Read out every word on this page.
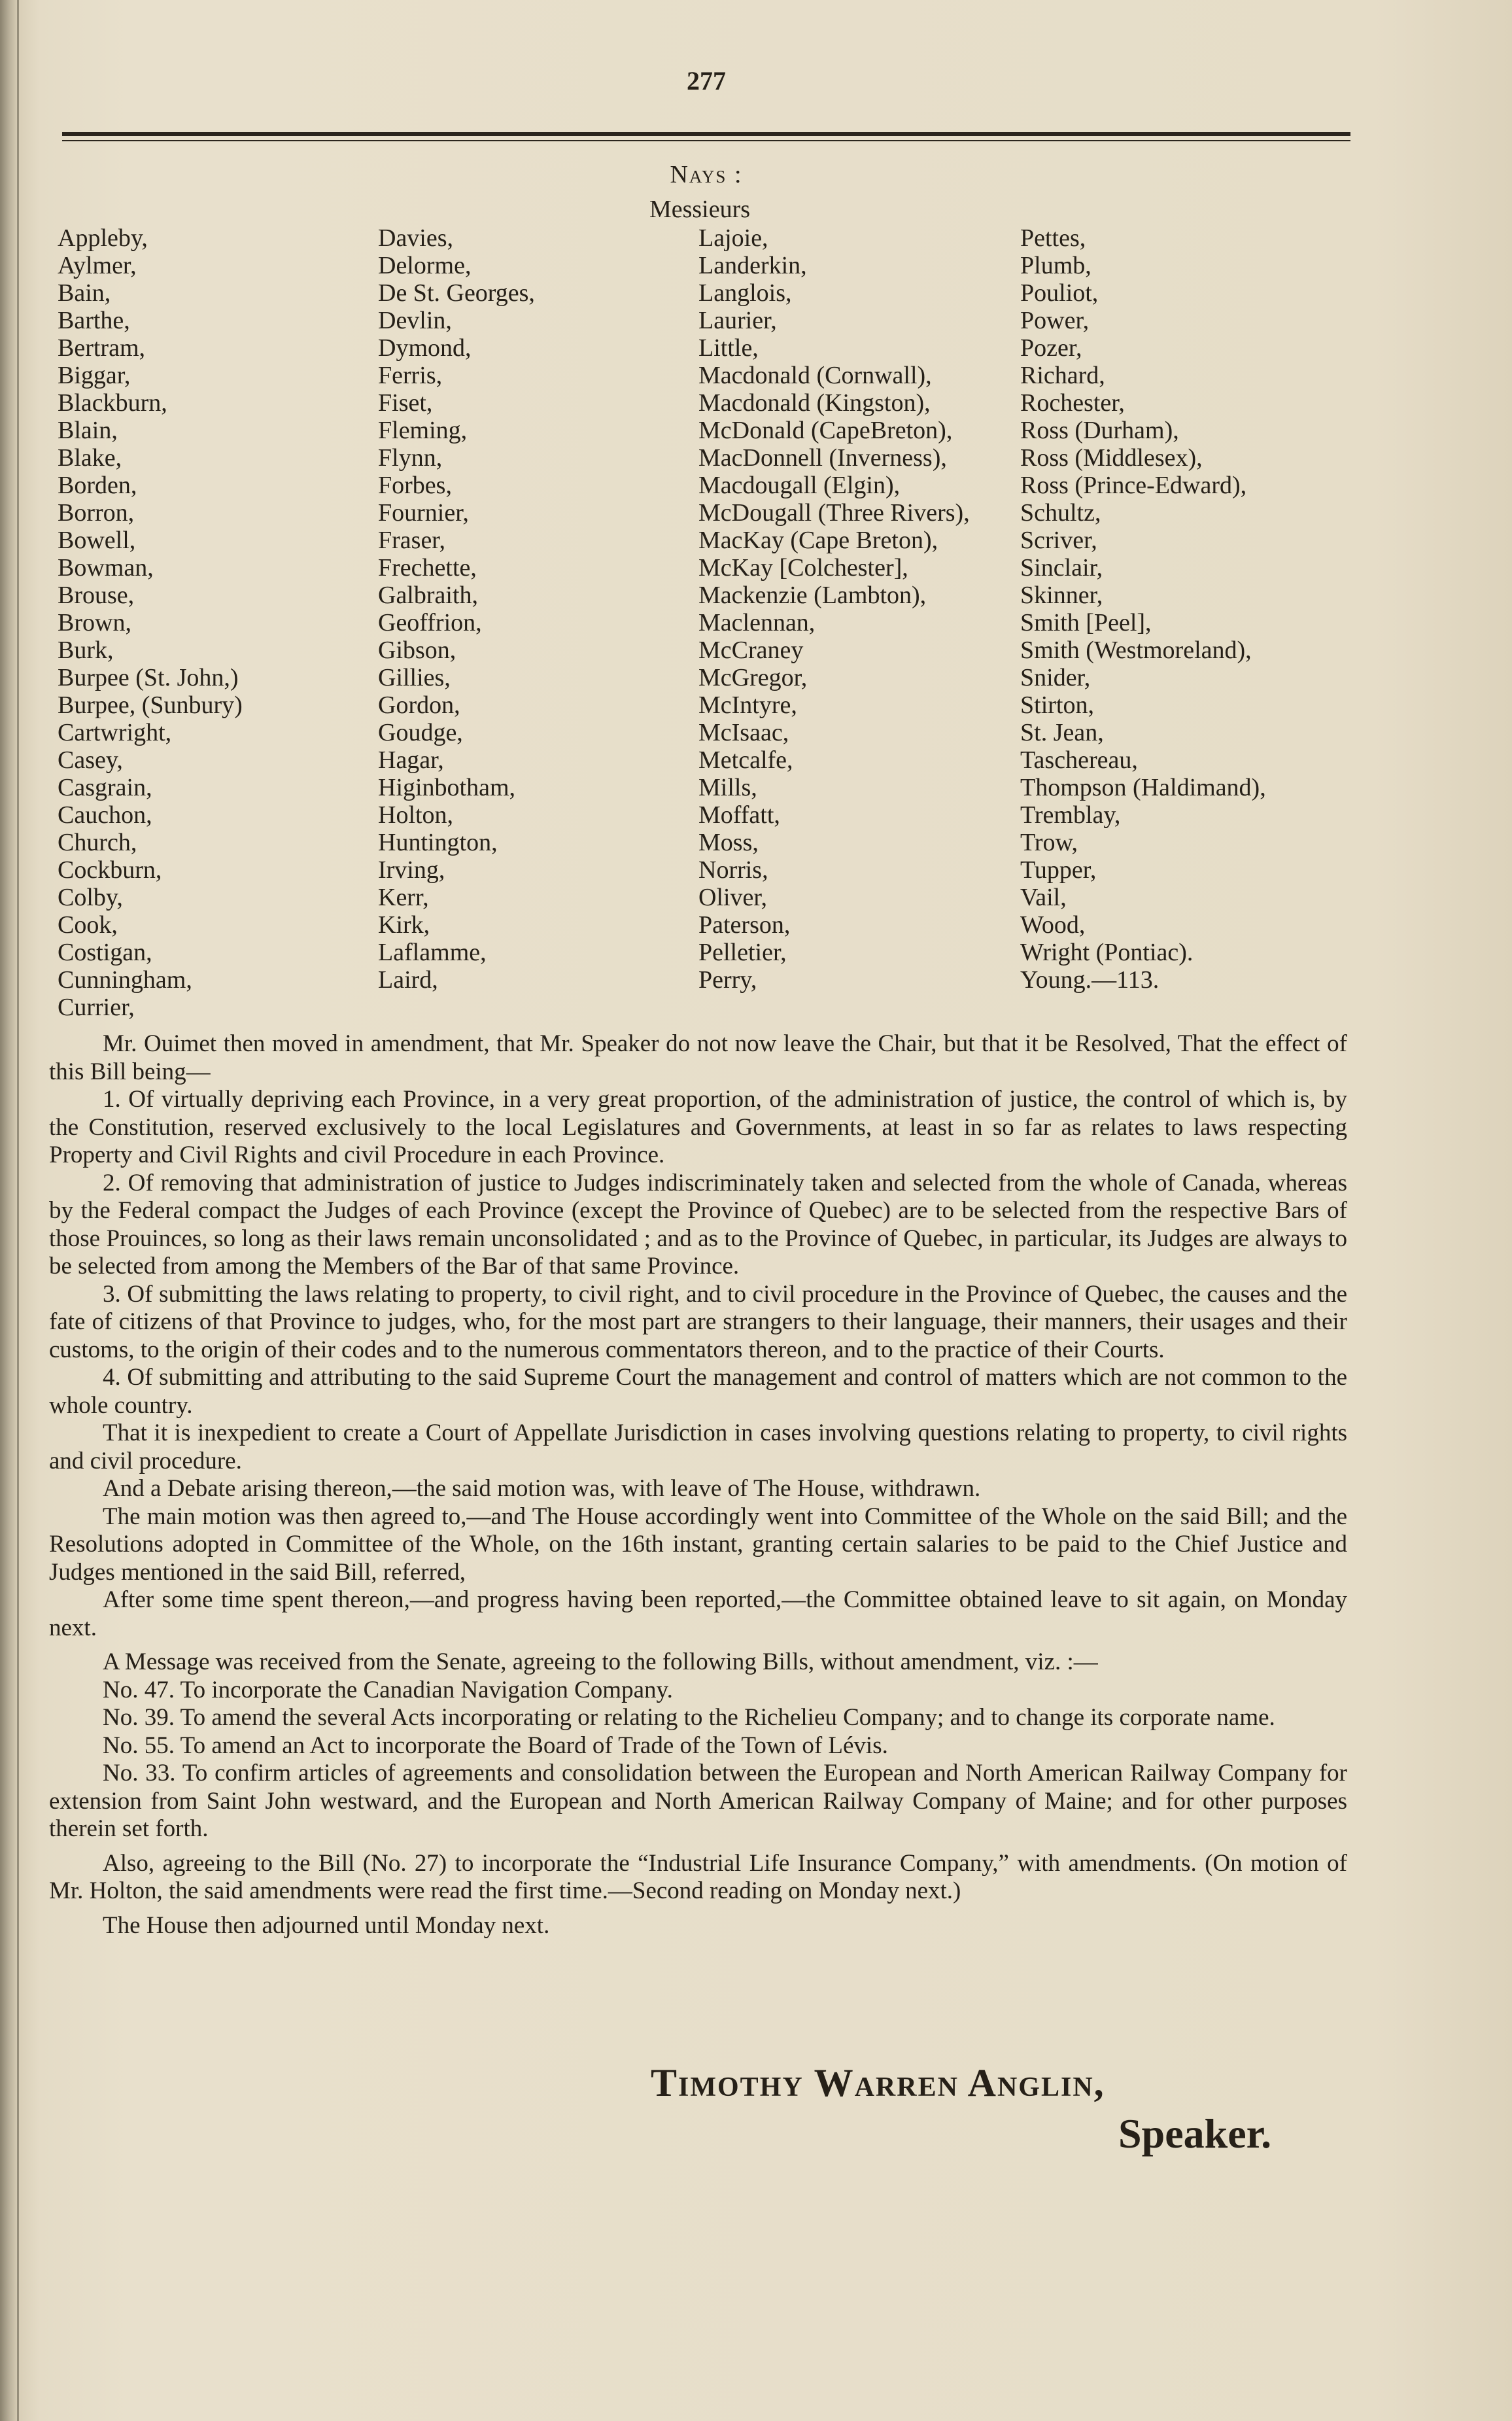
277
Nays :
Messieurs
Appleby,
Aylmer,
Bain,
Barthe,
Bertram,
Biggar,
Blackburn,
Blain,
Blake,
Borden,
Borron,
Bowell,
Bowman,
Brouse,
Brown,
Burk,
Burpee (St. John,)
Burpee, (Sunbury)
Cartwright,
Casey,
Casgrain,
Cauchon,
Church,
Cockburn,
Colby,
Cook,
Costigan,
Cunningham,
Currier,
Davies,
Delorme,
De St. Georges,
Devlin,
Dymond,
Ferris,
Fiset,
Fleming,
Flynn,
Forbes,
Fournier,
Fraser,
Frechette,
Galbraith,
Geoffrion,
Gibson,
Gillies,
Gordon,
Goudge,
Hagar,
Higinbotham,
Holton,
Huntington,
Irving,
Kerr,
Kirk,
Laflamme,
Laird,
Lajoie,
Landerkin,
Langlois,
Laurier,
Little,
Macdonald (Cornwall),
Macdonald (Kingston),
McDonald (CapeBreton),
MacDonnell (Inverness),
Macdougall (Elgin),
McDougall (Three Rivers),
MacKay (Cape Breton),
McKay [Colchester],
Mackenzie (Lambton),
Maclennan,
McCraney
McGregor,
McIntyre,
McIsaac,
Metcalfe,
Mills,
Moffatt,
Moss,
Norris,
Oliver,
Paterson,
Pelletier,
Perry,
Pettes,
Plumb,
Pouliot,
Power,
Pozer,
Richard,
Rochester,
Ross (Durham),
Ross (Middlesex),
Ross (Prince-Edward),
Schultz,
Scriver,
Sinclair,
Skinner,
Smith [Peel],
Smith (Westmoreland),
Snider,
Stirton,
St. Jean,
Taschereau,
Thompson (Haldimand),
Tremblay,
Trow,
Tupper,
Vail,
Wood,
Wright (Pontiac).
Young.—113.

Mr. Ouimet then moved in amendment, that Mr. Speaker do not now leave the Chair, but that it be Resolved, That the effect of this Bill being—

1. Of virtually depriving each Province, in a very great proportion, of the administration of justice, the control of which is, by the Constitution, reserved exclusively to the local Legislatures and Governments, at least in so far as relates to laws respecting Property and Civil Rights and civil Procedure in each Province.

2. Of removing that administration of justice to Judges indiscriminately taken and selected from the whole of Canada, whereas by the Federal compact the Judges of each Province (except the Province of Quebec) are to be selected from the respective Bars of those Prouinces, so long as their laws remain unconsolidated ; and as to the Province of Quebec, in particular, its Judges are always to be selected from among the Members of the Bar of that same Province.

3. Of submitting the laws relating to property, to civil right, and to civil procedure in the Province of Quebec, the causes and the fate of citizens of that Province to judges, who, for the most part are strangers to their language, their manners, their usages and their customs, to the origin of their codes and to the numerous commentators thereon, and to the practice of their Courts.

4. Of submitting and attributing to the said Supreme Court the management and control of matters which are not common to the whole country.

That it is inexpedient to create a Court of Appellate Jurisdiction in cases involving questions relating to property, to civil rights and civil procedure.

And a Debate arising thereon,—the said motion was, with leave of The House, withdrawn.

The main motion was then agreed to,—and The House accordingly went into Committee of the Whole on the said Bill; and the Resolutions adopted in Committee of the Whole, on the 16th instant, granting certain salaries to be paid to the Chief Justice and Judges mentioned in the said Bill, referred,

After some time spent thereon,—and progress having been reported,—the Committee obtained leave to sit again, on Monday next.

A Message was received from the Senate, agreeing to the following Bills, without amendment, viz. :—

No. 47. To incorporate the Canadian Navigation Company.

No. 39. To amend the several Acts incorporating or relating to the Richelieu Company; and to change its corporate name.

No. 55. To amend an Act to incorporate the Board of Trade of the Town of Lévis.

No. 33. To confirm articles of agreements and consolidation between the European and North American Railway Company for extension from Saint John westward, and the European and North American Railway Company of Maine; and for other purposes therein set forth.

Also, agreeing to the Bill (No. 27) to incorporate the “Industrial Life Insurance Company,” with amendments. (On motion of Mr. Holton, the said amendments were read the first time.—Second reading on Monday next.)

The House then adjourned until Monday next.

Timothy Warren Anglin,
Speaker.
